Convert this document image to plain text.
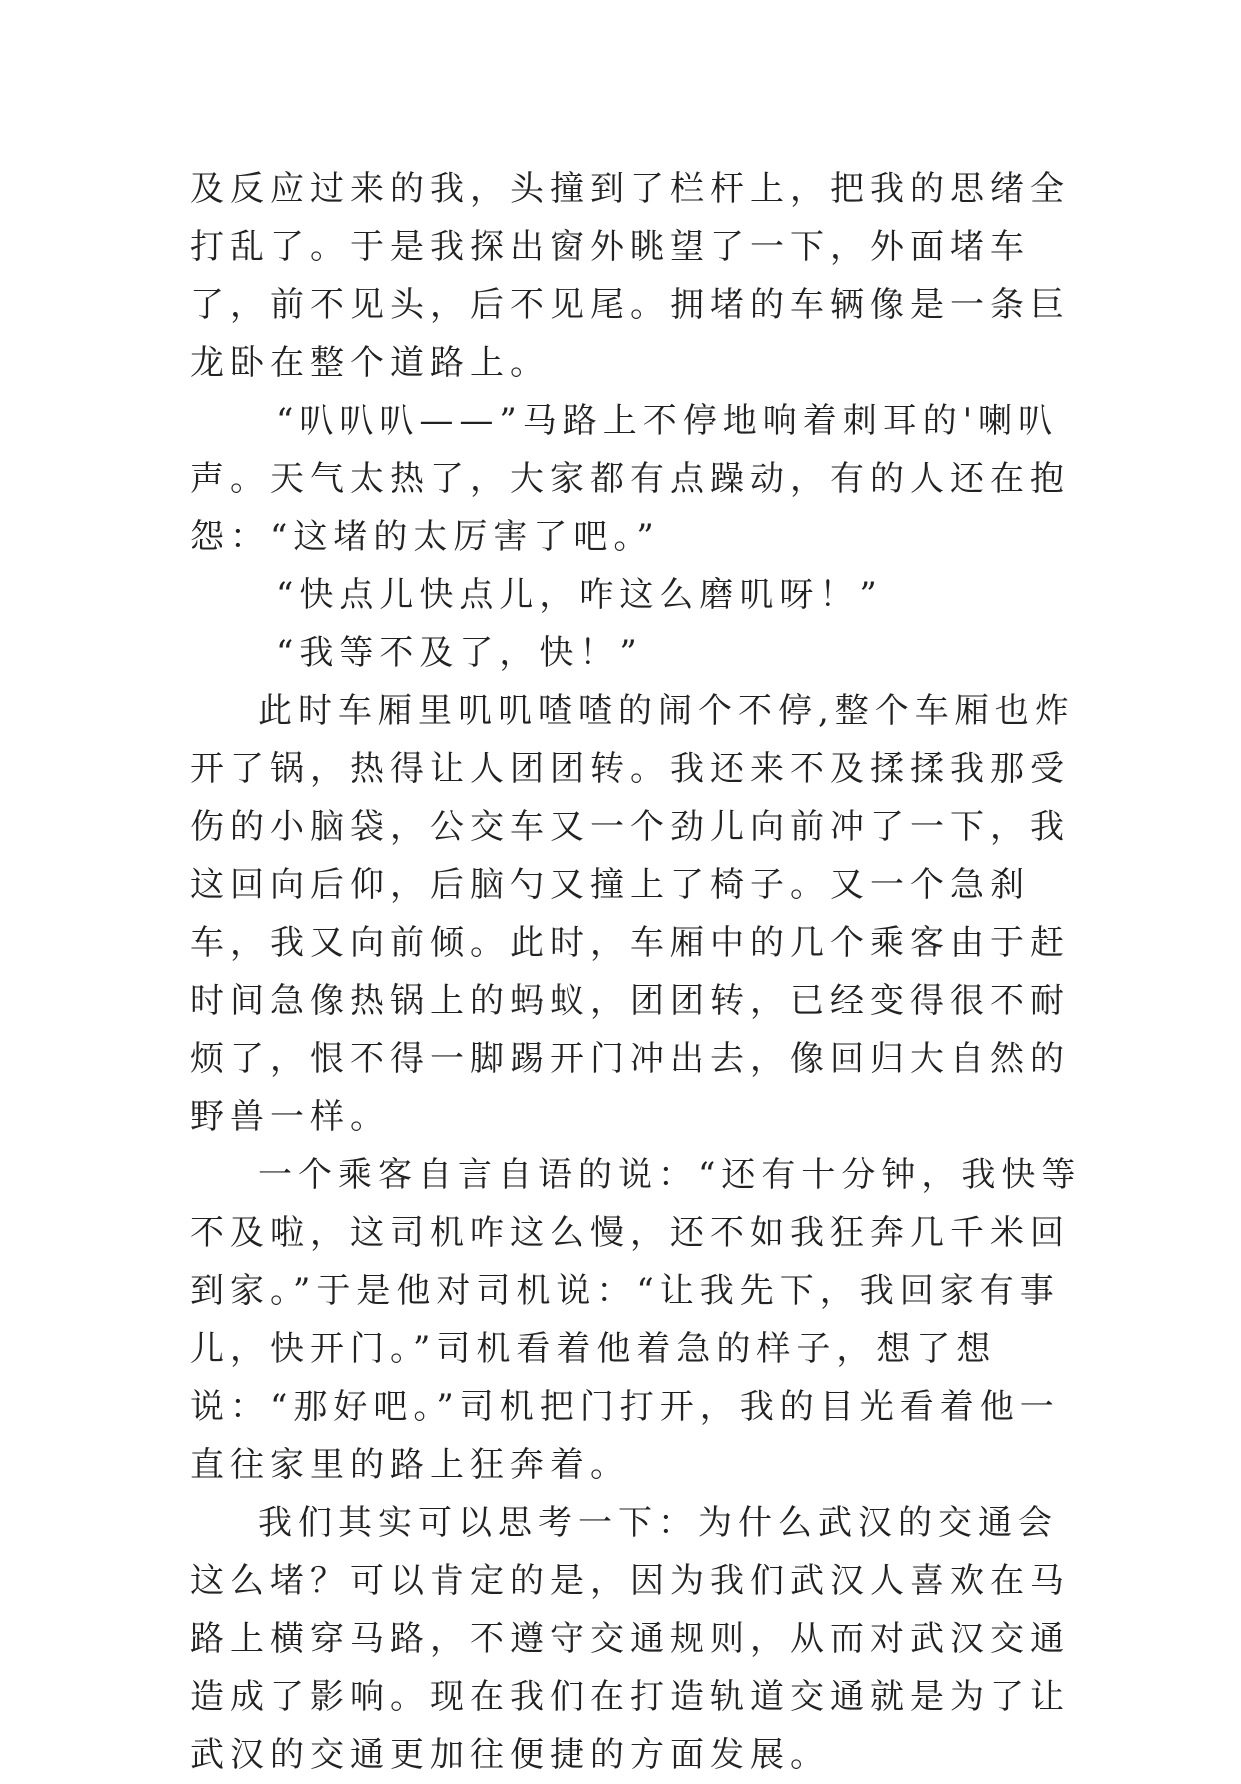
及反应过来的我，头撞到了栏杆上，把我的思绪全打乱了。于是我探出窗外眺望了一下，外面堵车了，前不见头，后不见尾。拥堵的车辆像是一条巨龙卧在整个道路上。

“叭叭叭——”马路上不停地响着刺耳的'喇叭声。天气太热了，大家都有点躁动，有的人还在抱怨：“这堵的太厉害了吧。”

“快点儿快点儿，咋这么磨叽呀！”

“我等不及了，快！”

此时车厢里叽叽喳喳的闹个不停,整个车厢也炸开了锅，热得让人团团转。我还来不及揉揉我那受伤的小脑袋，公交车又一个劲儿向前冲了一下，我这回向后仰，后脑勺又撞上了椅子。又一个急刹车，我又向前倾。此时，车厢中的几个乘客由于赶时间急像热锅上的蚂蚁，团团转，已经变得很不耐烦了，恨不得一脚踢开门冲出去，像回归大自然的野兽一样。

一个乘客自言自语的说：“还有十分钟，我快等不及啦，这司机咋这么慢，还不如我狂奔几千米回到家。”于是他对司机说：“让我先下，我回家有事儿，快开门。”司机看着他着急的样子，想了想说：“那好吧。”司机把门打开，我的目光看着他一直往家里的路上狂奔着。

我们其实可以思考一下：为什么武汉的交通会这么堵？可以肯定的是，因为我们武汉人喜欢在马路上横穿马路，不遵守交通规则，从而对武汉交通造成了影响。现在我们在打造轨道交通就是为了让武汉的交通更加往便捷的方面发展。
